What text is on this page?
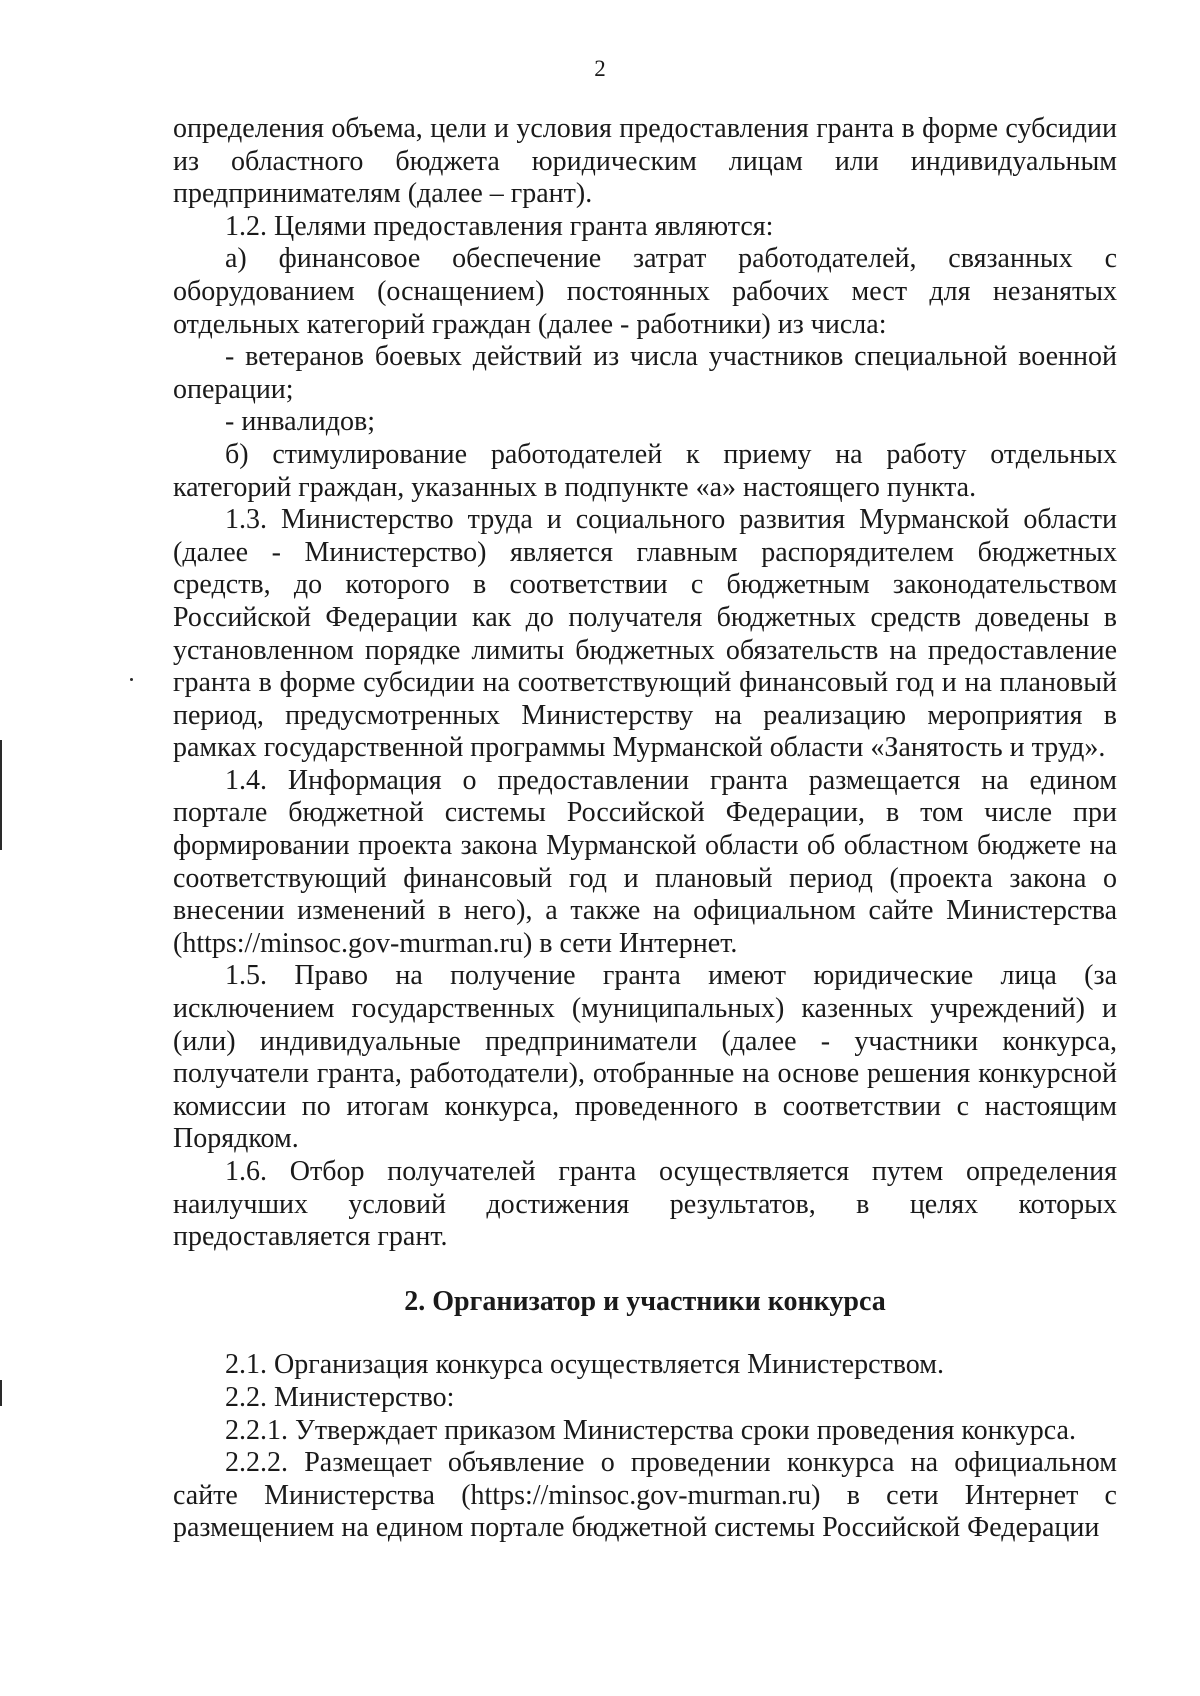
2

определения объема, цели и условия предоставления гранта в форме субсидии из областного бюджета юридическим лицам или индивидуальным предпринимателям (далее – грант).

1.2. Целями предоставления гранта являются:

а) финансовое обеспечение затрат работодателей, связанных с оборудованием (оснащением) постоянных рабочих мест для незанятых отдельных категорий граждан (далее - работники) из числа:

- ветеранов боевых действий из числа участников специальной военной операции;

- инвалидов;

б) стимулирование работодателей к приему на работу отдельных категорий граждан, указанных в подпункте «а» настоящего пункта.

1.3. Министерство труда и социального развития Мурманской области (далее - Министерство) является главным распорядителем бюджетных средств, до которого в соответствии с бюджетным законодательством Российской Федерации как до получателя бюджетных средств доведены в установленном порядке лимиты бюджетных обязательств на предоставление гранта в форме субсидии на соответствующий финансовый год и на плановый период, предусмотренных Министерству на реализацию мероприятия в рамках государственной программы Мурманской области «Занятость и труд».

1.4. Информация о предоставлении гранта размещается на едином портале бюджетной системы Российской Федерации, в том числе при формировании проекта закона Мурманской области об областном бюджете на соответствующий финансовый год и плановый период (проекта закона о внесении изменений в него), а также на официальном сайте Министерства (https://minsoc.gov-murman.ru) в сети Интернет.

1.5. Право на получение гранта имеют юридические лица (за исключением государственных (муниципальных) казенных учреждений) и (или) индивидуальные предприниматели (далее - участники конкурса, получатели гранта, работодатели), отобранные на основе решения конкурсной комиссии по итогам конкурса, проведенного в соответствии с настоящим Порядком.

1.6. Отбор получателей гранта осуществляется путем определения наилучших условий достижения результатов, в целях которых предоставляется грант.

2. Организатор и участники конкурса

2.1. Организация конкурса осуществляется Министерством.

2.2. Министерство:

2.2.1. Утверждает приказом Министерства сроки проведения конкурса.

2.2.2. Размещает объявление о проведении конкурса на официальном сайте Министерства (https://minsoc.gov-murman.ru) в сети Интернет с размещением на едином портале бюджетной системы Российской Федерации
